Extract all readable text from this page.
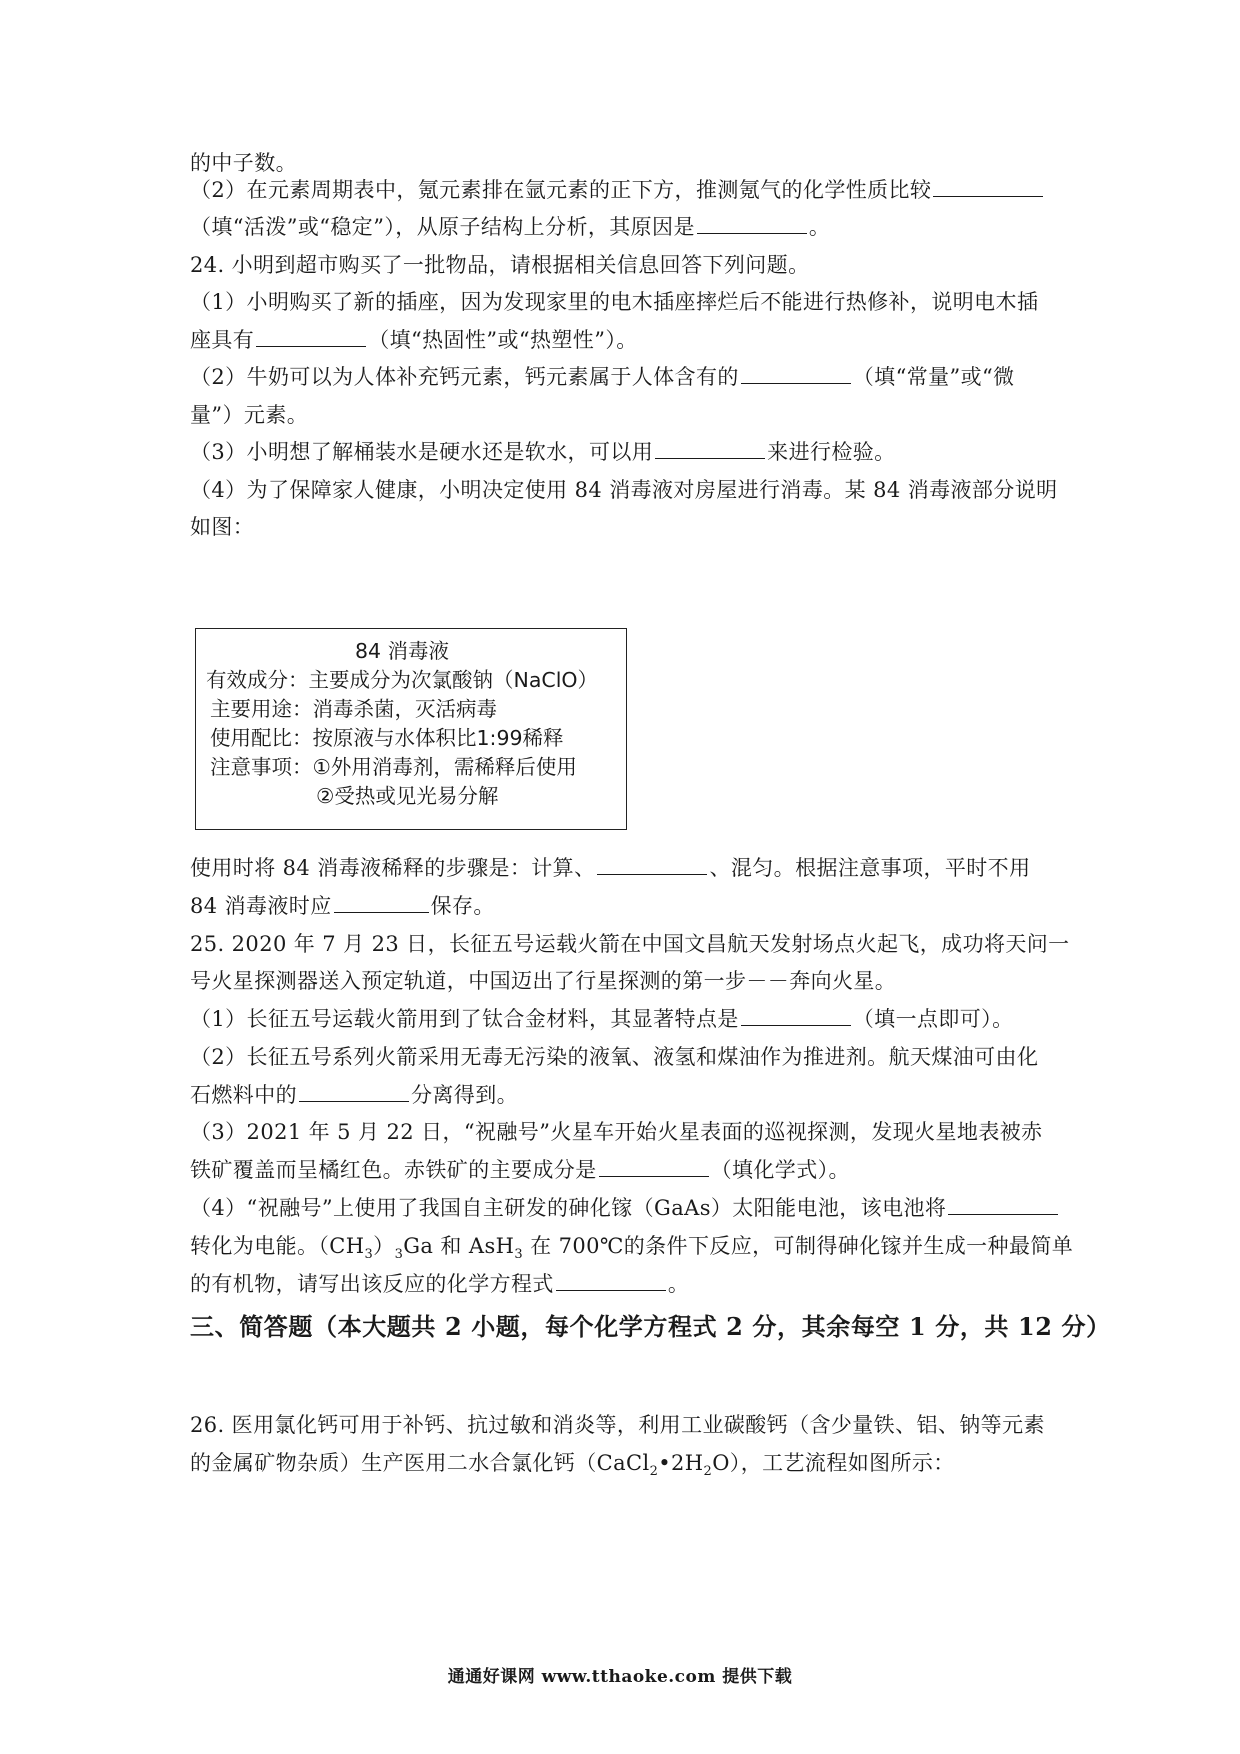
的中子数。
（2）在元素周期表中，氪元素排在氩元素的正下方，推测氪气的化学性质比较
（填“活泼”或“稳定”），从原子结构上分析，其原因是	。
24. 小明到超市购买了一批物品，请根据相关信息回答下列问题。
（1）小明购买了新的插座，因为发现家里的电木插座摔烂后不能进行热修补，说明电木插
座具有	（填“热固性”或“热塑性”）。
（2）牛奶可以为人体补充钙元素，钙元素属于人体含有的	（填“常量”或“微
量”）元素。
（3）小明想了解桶装水是硬水还是软水，可以用	来进行检验。
（4）为了保障家人健康，小明决定使用 84 消毒液对房屋进行消毒。某 84 消毒液部分说明
如图：
84 消毒液
有效成分：主要成分为次氯酸钠（NaClO）
主要用途：消毒杀菌，灭活病毒
使用配比：按原液与水体积比1:99稀释
注意事项：①外用消毒剂，需稀释后使用
②受热或见光易分解
使用时将 84 消毒液稀释的步骤是：计算、	、混匀。根据注意事项，平时不用
84 消毒液时应	保存。
25. 2020 年 7 月 23 日，长征五号运载火箭在中国文昌航天发射场点火起飞，成功将天问一
号火星探测器送入预定轨道，中国迈出了行星探测的第一步－－奔向火星。
（1）长征五号运载火箭用到了钛合金材料，其显著特点是	（填一点即可）。
（2）长征五号系列火箭采用无毒无污染的液氧、液氢和煤油作为推进剂。航天煤油可由化
石燃料中的	分离得到。
（3）2021 年 5 月 22 日，“祝融号”火星车开始火星表面的巡视探测，发现火星地表被赤
铁矿覆盖而呈橘红色。赤铁矿的主要成分是	（填化学式）。
（4）“祝融号”上使用了我国自主研发的砷化镓（GaAs）太阳能电池，该电池将
转化为电能。$(CH_3)_3Ga$ 和 AsH$_3$ 在 700℃的条件下反应，可制得砷化镓并生成一种最简单
的有机物，请写出该反应的化学方程式	。
三、简答题（本大题共 2 小题，每个化学方程式 2 分，其余每空 1 分，共 12 分）
26. 医用氯化钙可用于补钙、抗过敏和消炎等，利用工业碳酸钙（含少量铁、铝、钠等元素
的金属矿物杂质）生产医用二水合氯化钙$(CaCl_2•2H_2O)$，工艺流程如图所示：
通通好课网 www.tthaoke.com 提供下载
